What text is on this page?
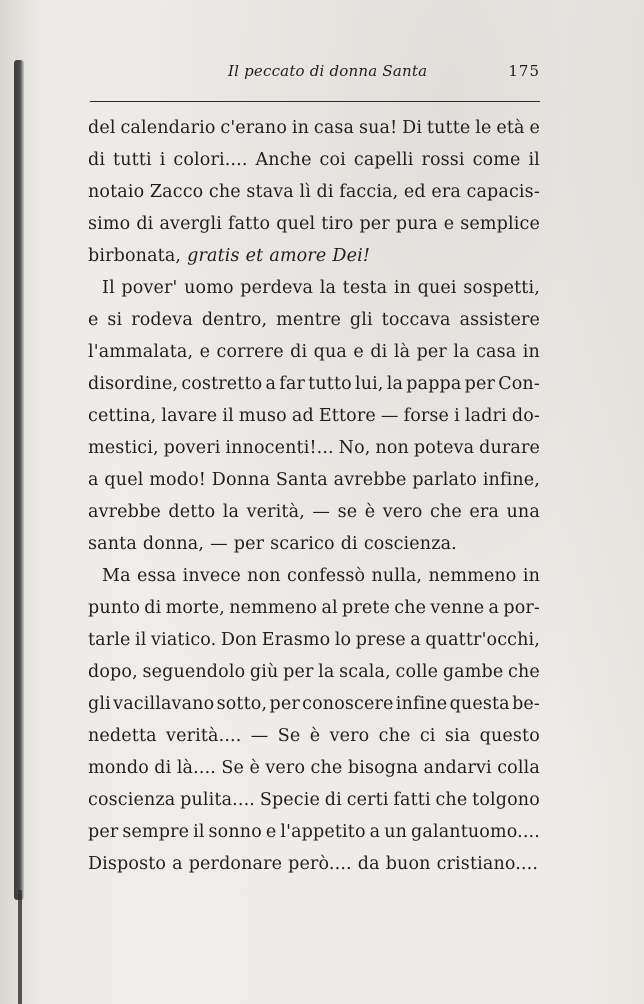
Il peccato di donna Santa	175
del calendario c'erano in casa sua! Di tutte le età e
di tutti i colori.... Anche coi capelli rossi come il
notaio Zacco che stava lì di faccia, ed era capacis-
simo di avergli fatto quel tiro per pura e semplice
birbonata, gratis et amore Dei!
Il pover' uomo perdeva la testa in quei sospetti,
e si rodeva dentro, mentre gli toccava assistere
l'ammalata, e correre di qua e di là per la casa in
disordine, costretto a far tutto lui, la pappa per Con-
cettina, lavare il muso ad Ettore — forse i ladri do-
mestici, poveri innocenti!... No, non poteva durare
a quel modo! Donna Santa avrebbe parlato infine,
avrebbe detto la verità, — se è vero che era una
santa donna, — per scarico di coscienza.
Ma essa invece non confessò nulla, nemmeno in
punto di morte, nemmeno al prete che venne a por-
tarle il viatico. Don Erasmo lo prese a quattr'occhi,
dopo, seguendolo giù per la scala, colle gambe che
gli vacillavano sotto, per conoscere infine questa be-
nedetta verità.... — Se è vero che ci sia questo
mondo di là.... Se è vero che bisogna andarvi colla
coscienza pulita.... Specie di certi fatti che tolgono
per sempre il sonno e l'appetito a un galantuomo....
Disposto a perdonare però.... da buon cristiano....
